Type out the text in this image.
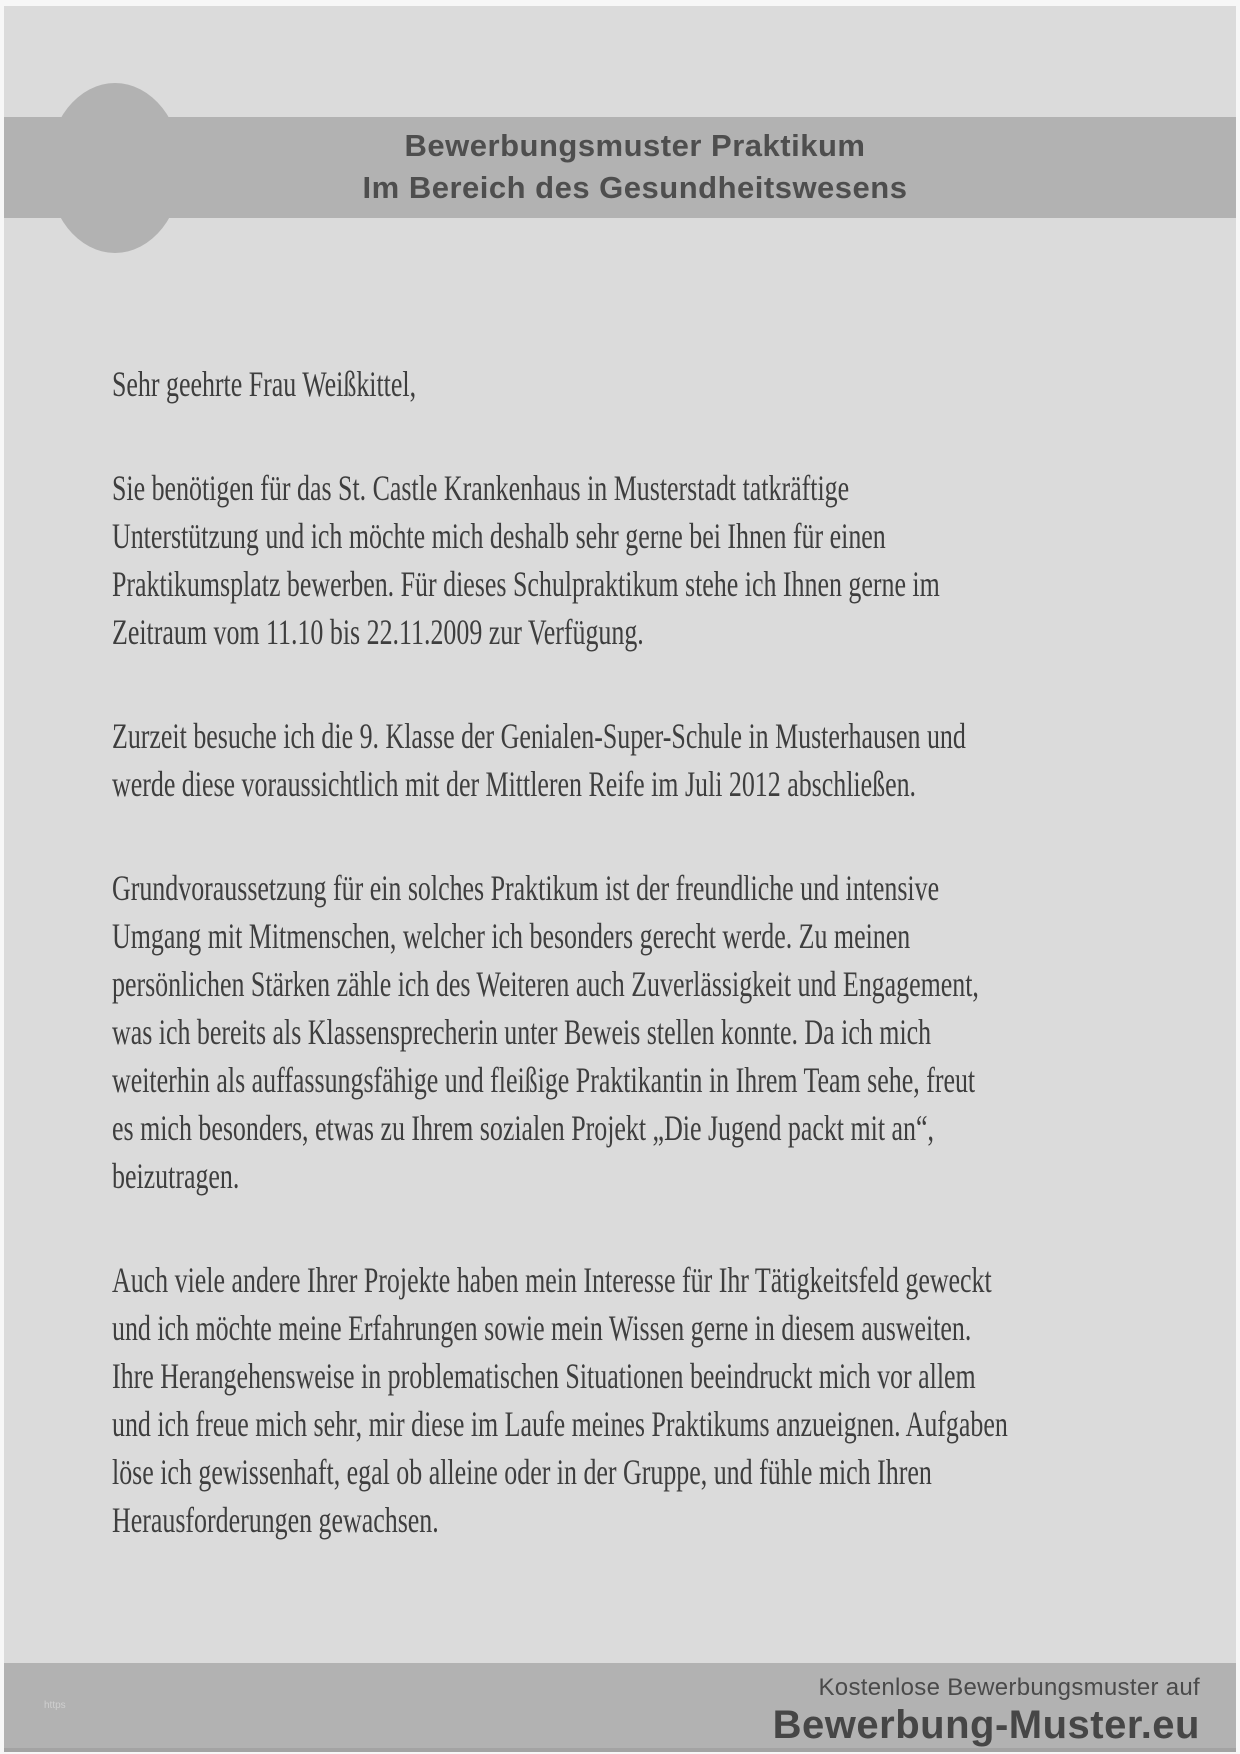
Bewerbungsmuster Praktikum
Im Bereich des Gesundheitswesens
Sehr geehrte Frau Weißkittel,
Sie benötigen für das St. Castle Krankenhaus in Musterstadt tatkräftige
Unterstützung und ich möchte mich deshalb sehr gerne bei Ihnen für einen
Praktikumsplatz bewerben. Für dieses Schulpraktikum stehe ich Ihnen gerne im
Zeitraum vom 11.10 bis 22.11.2009 zur Verfügung.
Zurzeit besuche ich die 9. Klasse der Genialen-Super-Schule in Musterhausen und
werde diese voraussichtlich mit der Mittleren Reife im Juli 2012 abschließen.
Grundvoraussetzung für ein solches Praktikum ist der freundliche und intensive
Umgang mit Mitmenschen, welcher ich besonders gerecht werde. Zu meinen
persönlichen Stärken zähle ich des Weiteren auch Zuverlässigkeit und Engagement,
was ich bereits als Klassensprecherin unter Beweis stellen konnte. Da ich mich
weiterhin als auffassungsfähige und fleißige Praktikantin in Ihrem Team sehe, freut
es mich besonders, etwas zu Ihrem sozialen Projekt „Die Jugend packt mit an“,
beizutragen.
Auch viele andere Ihrer Projekte haben mein Interesse für Ihr Tätigkeitsfeld geweckt
und ich möchte meine Erfahrungen sowie mein Wissen gerne in diesem ausweiten.
Ihre Herangehensweise in problematischen Situationen beeindruckt mich vor allem
und ich freue mich sehr, mir diese im Laufe meines Praktikums anzueignen. Aufgaben
löse ich gewissenhaft, egal ob alleine oder in der Gruppe, und fühle mich Ihren
Herausforderungen gewachsen.
https
Kostenlose Bewerbungsmuster auf
Bewerbung-Muster.eu
